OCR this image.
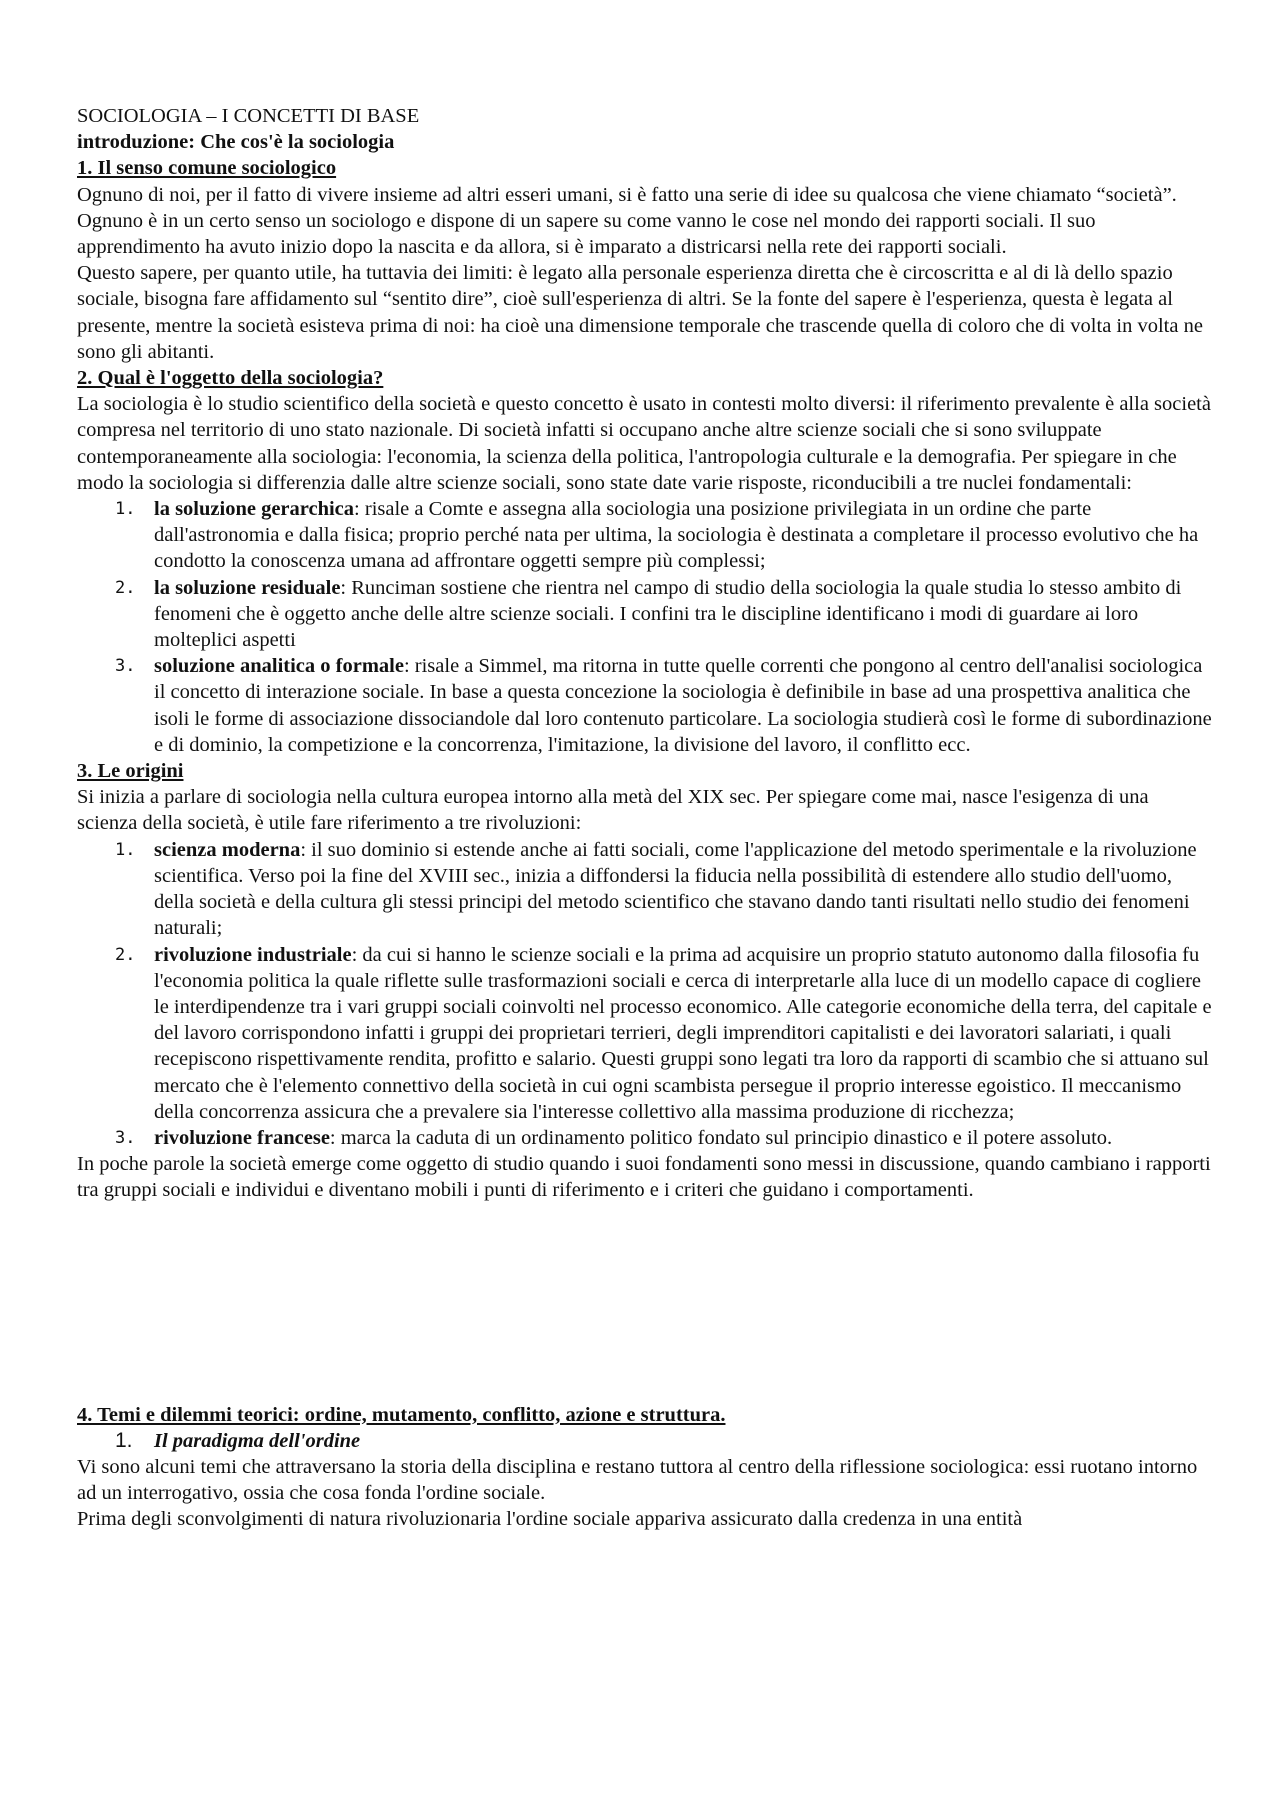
SOCIOLOGIA – I CONCETTI DI BASE
introduzione: Che cos'è la sociologia
1. Il senso comune sociologico

Ognuno di noi, per il fatto di vivere insieme ad altri esseri umani, si è fatto una serie di idee su qualcosa che viene chiamato “società”. Ognuno è in un certo senso un sociologo e dispone di un sapere su come vanno le cose nel mondo dei rapporti sociali. Il suo apprendimento ha avuto inizio dopo la nascita e da allora, si è imparato a districarsi nella rete dei rapporti sociali.

Questo sapere, per quanto utile, ha tuttavia dei limiti: è legato alla personale esperienza diretta che è circoscritta e al di là dello spazio sociale, bisogna fare affidamento sul “sentito dire”, cioè sull'esperienza di altri. Se la fonte del sapere è l'esperienza, questa è legata al presente, mentre la società esisteva prima di noi: ha cioè una dimensione temporale che trascende quella di coloro che di volta in volta ne sono gli abitanti.

2. Qual è l'oggetto della sociologia?

La sociologia è lo studio scientifico della società e questo concetto è usato in contesti molto diversi: il riferimento prevalente è alla società compresa nel territorio di uno stato nazionale. Di società infatti si occupano anche altre scienze sociali che si sono sviluppate contemporaneamente alla sociologia: l'economia, la scienza della politica, l'antropologia culturale e la demografia. Per spiegare in che modo la sociologia si differenzia dalle altre scienze sociali, sono state date varie risposte, riconducibili a tre nuclei fondamentali:

1. la soluzione gerarchica: risale a Comte e assegna alla sociologia una posizione privilegiata in un ordine che parte dall'astronomia e dalla fisica; proprio perché nata per ultima, la sociologia è destinata a completare il processo evolutivo che ha condotto la conoscenza umana ad affrontare oggetti sempre più complessi;
2. la soluzione residuale: Runciman sostiene che rientra nel campo di studio della sociologia la quale studia lo stesso ambito di fenomeni che è oggetto anche delle altre scienze sociali. I confini tra le discipline identificano i modi di guardare ai loro molteplici aspetti
3. soluzione analitica o formale: risale a Simmel, ma ritorna in tutte quelle correnti che pongono al centro dell'analisi sociologica il concetto di interazione sociale. In base a questa concezione la sociologia è definibile in base ad una prospettiva analitica che isoli le forme di associazione dissociandole dal loro contenuto particolare. La sociologia studierà così le forme di subordinazione e di dominio, la competizione e la concorrenza, l'imitazione, la divisione del lavoro, il conflitto ecc.
3. Le origini

Si inizia a parlare di sociologia nella cultura europea intorno alla metà del XIX sec. Per spiegare come mai, nasce l'esigenza di una scienza della società, è utile fare riferimento a tre rivoluzioni:

1. scienza moderna: il suo dominio si estende anche ai fatti sociali, come l'applicazione del metodo sperimentale e la rivoluzione scientifica. Verso poi la fine del XVIII sec., inizia a diffondersi la fiducia nella possibilità di estendere allo studio dell'uomo, della società e della cultura gli stessi principi del metodo scientifico che stavano dando tanti risultati nello studio dei fenomeni naturali;
2. rivoluzione industriale: da cui si hanno le scienze sociali e la prima ad acquisire un proprio statuto autonomo dalla filosofia fu l'economia politica la quale riflette sulle trasformazioni sociali e cerca di interpretarle alla luce di un modello capace di cogliere le interdipendenze tra i vari gruppi sociali coinvolti nel processo economico. Alle categorie economiche della terra, del capitale e del lavoro corrispondono infatti i gruppi dei proprietari terrieri, degli imprenditori capitalisti e dei lavoratori salariati, i quali recepiscono rispettivamente rendita, profitto e salario. Questi gruppi sono legati tra loro da rapporti di scambio che si attuano sul mercato che è l'elemento connettivo della società in cui ogni scambista persegue il proprio interesse egoistico. Il meccanismo della concorrenza assicura che a prevalere sia l'interesse collettivo alla massima produzione di ricchezza;
3. rivoluzione francese: marca la caduta di un ordinamento politico fondato sul principio dinastico e il potere assoluto.

In poche parole la società emerge come oggetto di studio quando i suoi fondamenti sono messi in discussione, quando cambiano i rapporti tra gruppi sociali e individui e diventano mobili i punti di riferimento e i criteri che guidano i comportamenti.

4. Temi e dilemmi teorici: ordine, mutamento, conflitto, azione e struttura.
1. Il paradigma dell'ordine

Vi sono alcuni temi che attraversano la storia della disciplina e restano tuttora al centro della riflessione sociologica: essi ruotano intorno ad un interrogativo, ossia che cosa fonda l'ordine sociale.

Prima degli sconvolgimenti di natura rivoluzionaria l'ordine sociale appariva assicurato dalla credenza in una entità
